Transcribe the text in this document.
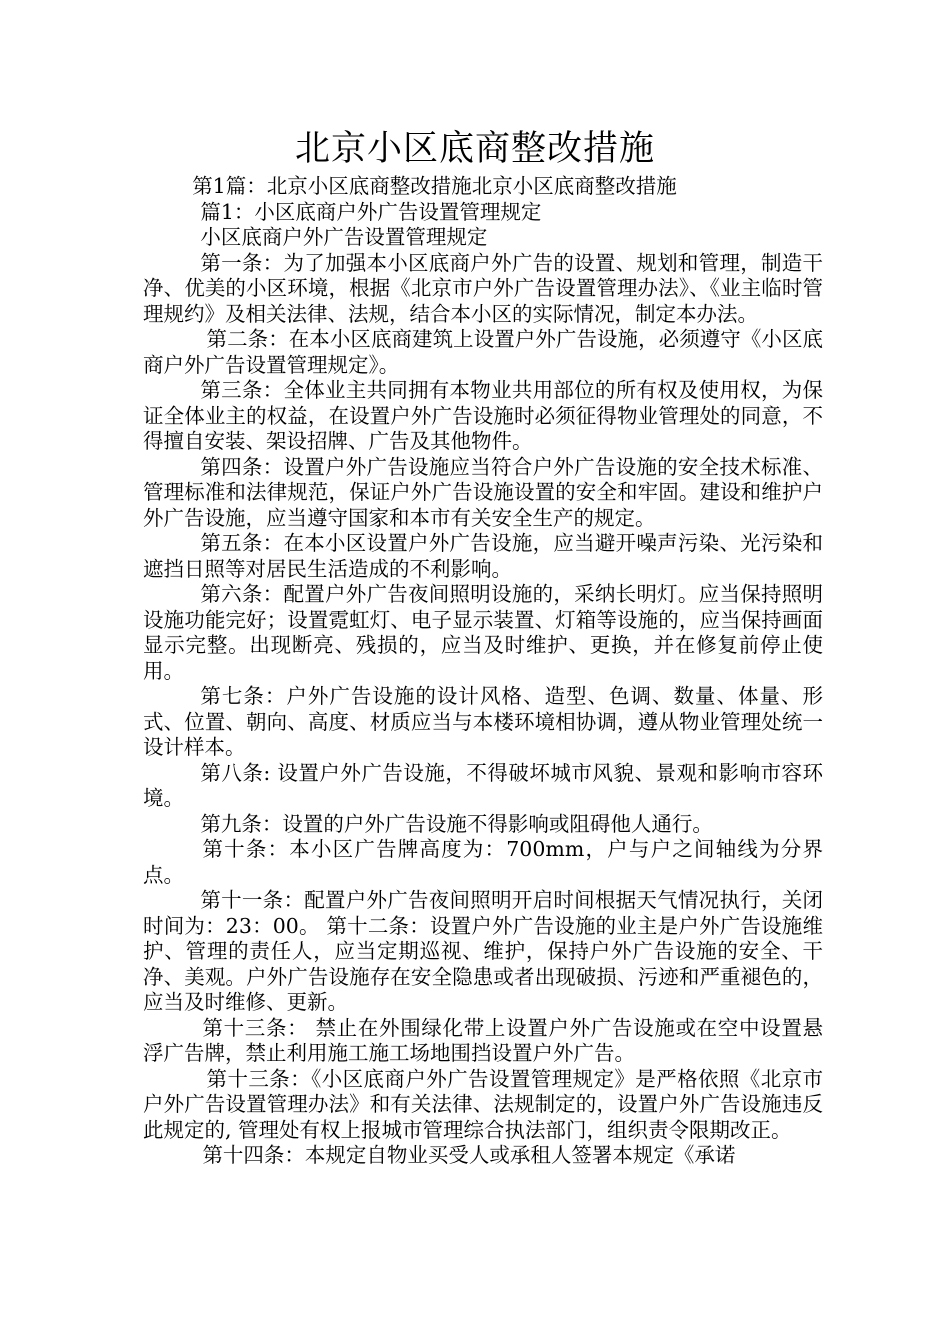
北京小区底商整改措施

第1篇：北京小区底商整改措施北京小区底商整改措施

篇1：小区底商户外广告设置管理规定

小区底商户外广告设置管理规定

第一条：为了加强本小区底商户外广告的设置、规划和管理，制造干净、优美的小区环境，根据《北京市户外广告设置管理办法》、《业主临时管理规约》及相关法律、法规，结合本小区的实际情况，制定本办法。

第二条：在本小区底商建筑上设置户外广告设施，必须遵守《小区底商户外广告设置管理规定》。

第三条：全体业主共同拥有本物业共用部位的所有权及使用权，为保证全体业主的权益，在设置户外广告设施时必须征得物业管理处的同意，不得擅自安装、架设招牌、广告及其他物件。

第四条：设置户外广告设施应当符合户外广告设施的安全技术标准、管理标准和法律规范，保证户外广告设施设置的安全和牢固。建设和维护户外广告设施，应当遵守国家和本市有关安全生产的规定。

第五条：在本小区设置户外广告设施，应当避开噪声污染、光污染和遮挡日照等对居民生活造成的不利影响。

第六条：配置户外广告夜间照明设施的，采纳长明灯。应当保持照明设施功能完好；设置霓虹灯、电子显示装置、灯箱等设施的，应当保持画面显示完整。出现断亮、残损的，应当及时维护、更换，并在修复前停止使用。

第七条：户外广告设施的设计风格、造型、色调、数量、体量、形式、位置、朝向、高度、材质应当与本楼环境相协调，遵从物业管理处统一设计样本。

第八条: 设置户外广告设施，不得破坏城市风貌、景观和影响市容环境。

第九条：设置的户外广告设施不得影响或阻碍他人通行。

第十条：本小区广告牌高度为：700mm，户与户之间轴线为分界点。

第十一条：配置户外广告夜间照明开启时间根据天气情况执行，关闭时间为：23：00。 第十二条：设置户外广告设施的业主是户外广告设施维护、管理的责任人，应当定期巡视、维护，保持户外广告设施的安全、干净、美观。户外广告设施存在安全隐患或者出现破损、污迹和严重褪色的，应当及时维修、更新。

第十三条： 禁止在外围绿化带上设置户外广告设施或在空中设置悬浮广告牌，禁止利用施工施工场地围挡设置户外广告。

第十三条：《小区底商户外广告设置管理规定》是严格依照《北京市户外广告设置管理办法》和有关法律、法规制定的，设置户外广告设施违反此规定的, 管理处有权上报城市管理综合执法部门，组织责令限期改正。

第十四条：本规定自物业买受人或承租人签署本规定《承诺
